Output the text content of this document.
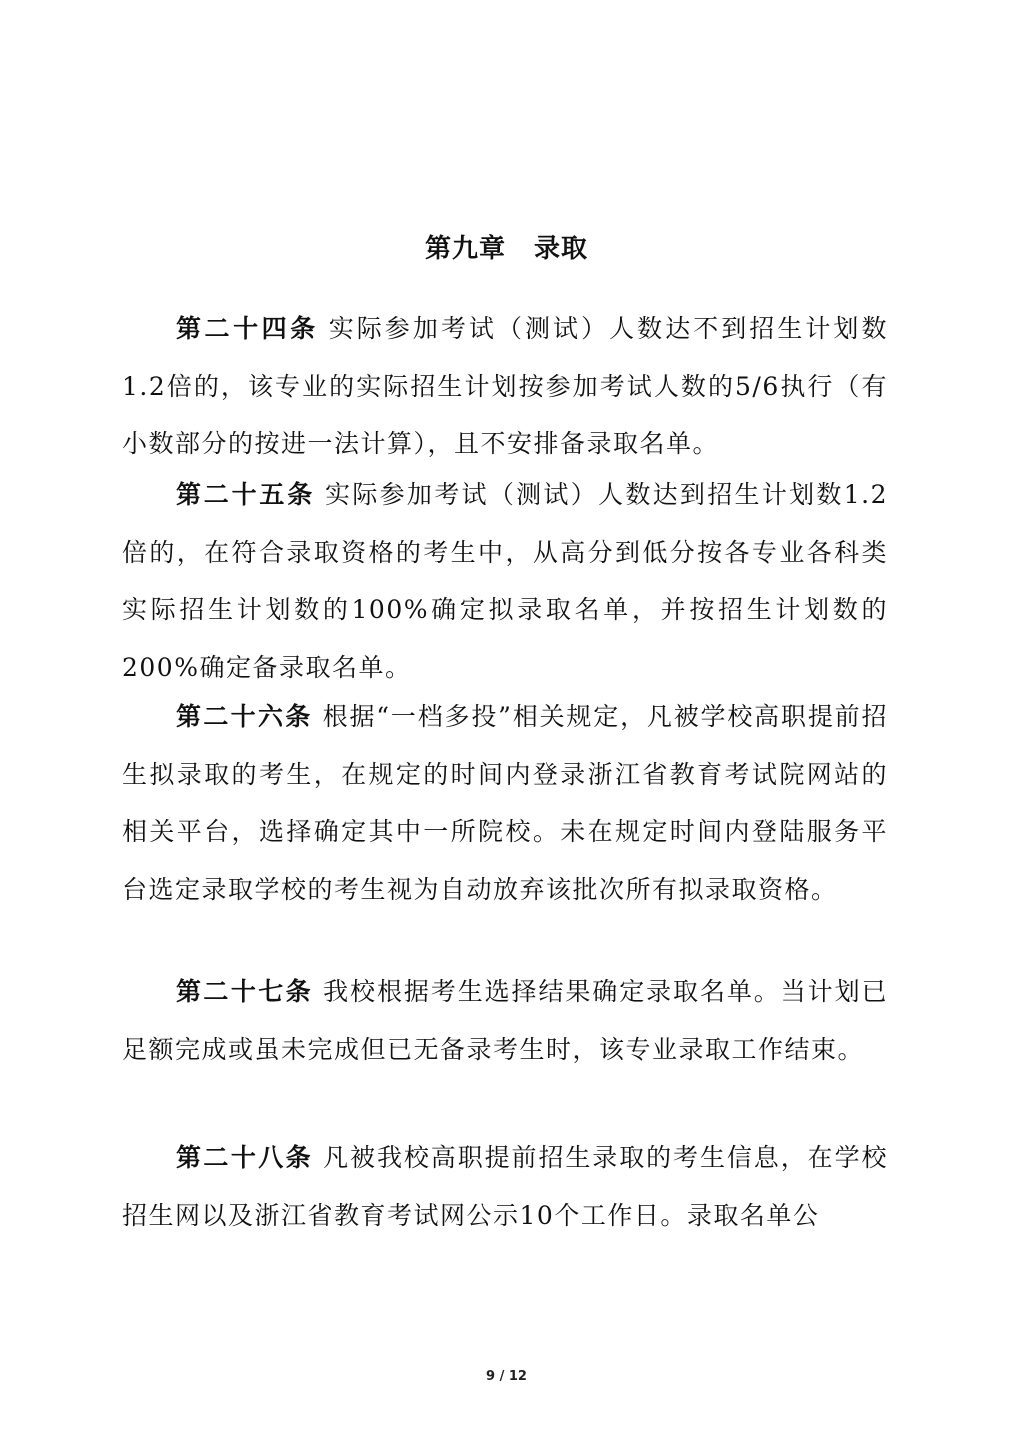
第九章 录取

第二十四条 实际参加考试（测试）人数达不到招生计划数1.2倍的，该专业的实际招生计划按参加考试人数的5/6执行（有小数部分的按进一法计算），且不安排备录取名单。

第二十五条 实际参加考试（测试）人数达到招生计划数1.2倍的，在符合录取资格的考生中，从高分到低分按各专业各科类实际招生计划数的100%确定拟录取名单，并按招生计划数的200%确定备录取名单。

第二十六条 根据“一档多投”相关规定，凡被学校高职提前招生拟录取的考生，在规定的时间内登录浙江省教育考试院网站的相关平台，选择确定其中一所院校。未在规定时间内登陆服务平台选定录取学校的考生视为自动放弃该批次所有拟录取资格。

第二十七条 我校根据考生选择结果确定录取名单。当计划已足额完成或虽未完成但已无备录考生时，该专业录取工作结束。

第二十八条 凡被我校高职提前招生录取的考生信息，在学校招生网以及浙江省教育考试网公示10个工作日。录取名单公

9 / 12
